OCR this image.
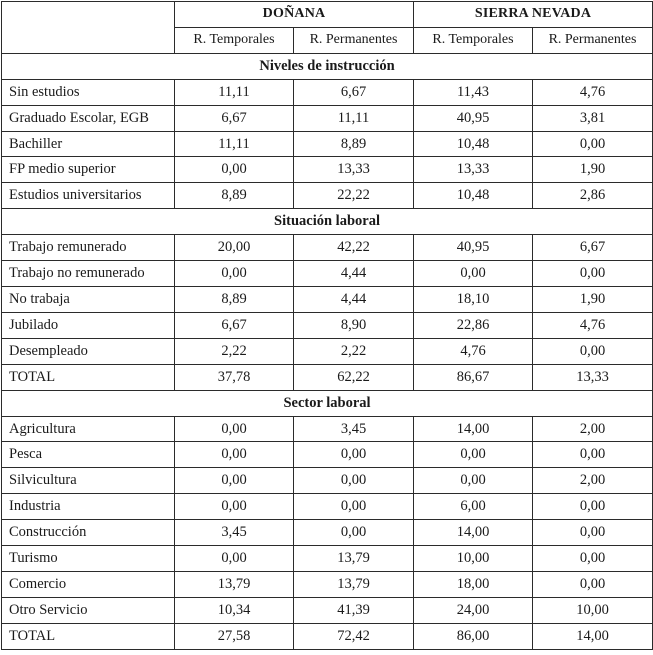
	DOÑANA		SIERRA NEVADA	
	R. Temporales	R. Permanentes	R. Temporales	R. Permanentes
Niveles de instrucción				
Sin estudios	11,11	6,67	11,43	4,76
Graduado Escolar, EGB	6,67	11,11	40,95	3,81
Bachiller	11,11	8,89	10,48	0,00
FP medio superior	0,00	13,33	13,33	1,90
Estudios universitarios	8,89	22,22	10,48	2,86
Situación laboral				
Trabajo remunerado	20,00	42,22	40,95	6,67
Trabajo no remunerado	0,00	4,44	0,00	0,00
No trabaja	8,89	4,44	18,10	1,90
Jubilado	6,67	8,90	22,86	4,76
Desempleado	2,22	2,22	4,76	0,00
TOTAL	37,78	62,22	86,67	13,33
Sector laboral				
Agricultura	0,00	3,45	14,00	2,00
Pesca	0,00	0,00	0,00	0,00
Silvicultura	0,00	0,00	0,00	2,00
Industria	0,00	0,00	6,00	0,00
Construcción	3,45	0,00	14,00	0,00
Turismo	0,00	13,79	10,00	0,00
Comercio	13,79	13,79	18,00	0,00
Otro Servicio	10,34	41,39	24,00	10,00
TOTAL	27,58	72,42	86,00	14,00
